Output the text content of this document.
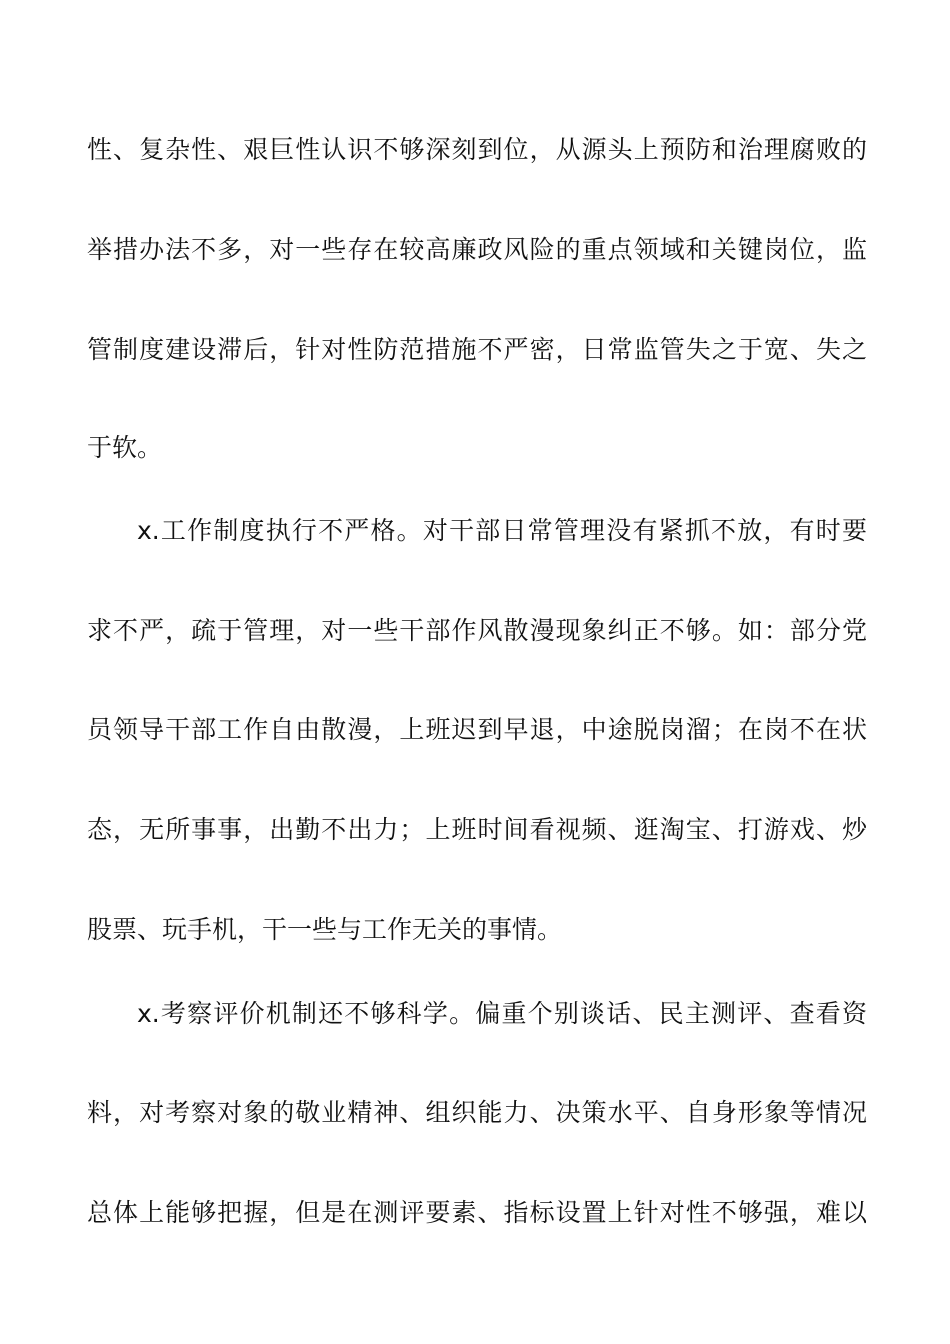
性、复杂性、艰巨性认识不够深刻到位，从源头上预防和治理腐败的
举措办法不多，对一些存在较高廉政风险的重点领域和关键岗位，监
管制度建设滞后，针对性防范措施不严密，日常监管失之于宽、失之
于软。
x.工作制度执行不严格。对干部日常管理没有紧抓不放，有时要
求不严，疏于管理，对一些干部作风散漫现象纠正不够。如：部分党
员领导干部工作自由散漫，上班迟到早退，中途脱岗溜；在岗不在状
态，无所事事，出勤不出力；上班时间看视频、逛淘宝、打游戏、炒
股票、玩手机，干一些与工作无关的事情。
x.考察评价机制还不够科学。偏重个别谈话、民主测评、查看资
料，对考察对象的敬业精神、组织能力、决策水平、自身形象等情况
总体上能够把握，但是在测评要素、指标设置上针对性不够强，难以
